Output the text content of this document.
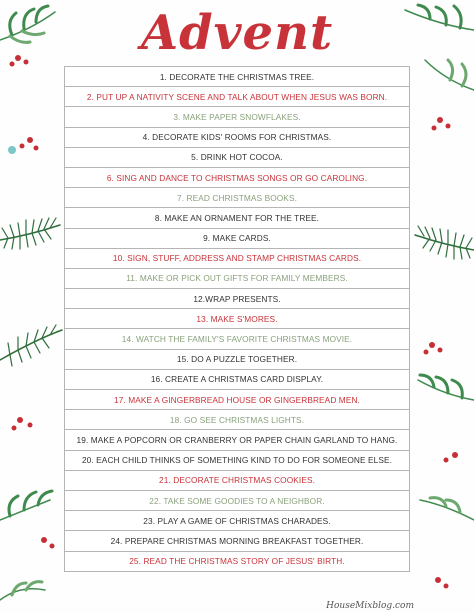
Advent
1. DECORATE THE CHRISTMAS TREE.
2. PUT UP A NATIVITY SCENE AND TALK ABOUT WHEN JESUS WAS BORN.
3. MAKE PAPER SNOWFLAKES.
4. DECORATE KIDS' ROOMS FOR CHRISTMAS.
5. DRINK HOT COCOA.
6. SING AND DANCE TO CHRISTMAS SONGS OR GO CAROLING.
7. READ CHRISTMAS BOOKS.
8. MAKE AN ORNAMENT FOR THE TREE.
9. MAKE CARDS.
10. SIGN, STUFF, ADDRESS AND STAMP CHRISTMAS CARDS.
11. MAKE OR PICK OUT GIFTS FOR FAMILY MEMBERS.
12.WRAP PRESENTS.
13. MAKE S'MORES.
14. WATCH THE FAMILY'S FAVORITE CHRISTMAS MOVIE.
15. DO A PUZZLE TOGETHER.
16. CREATE A CHRISTMAS CARD DISPLAY.
17. MAKE A GINGERBREAD HOUSE OR GINGERBREAD MEN.
18. GO SEE CHRISTMAS LIGHTS.
19. MAKE A POPCORN OR CRANBERRY OR PAPER CHAIN GARLAND TO HANG.
20. EACH CHILD THINKS OF SOMETHING KIND TO DO FOR SOMEONE ELSE.
21. DECORATE CHRISTMAS COOKIES.
22. TAKE SOME GOODIES TO A NEIGHBOR.
23. PLAY A GAME OF CHRISTMAS CHARADES.
24. PREPARE CHRISTMAS MORNING BREAKFAST TOGETHER.
25. READ THE CHRISTMAS STORY OF JESUS' BIRTH.
HouseMixblog.com
